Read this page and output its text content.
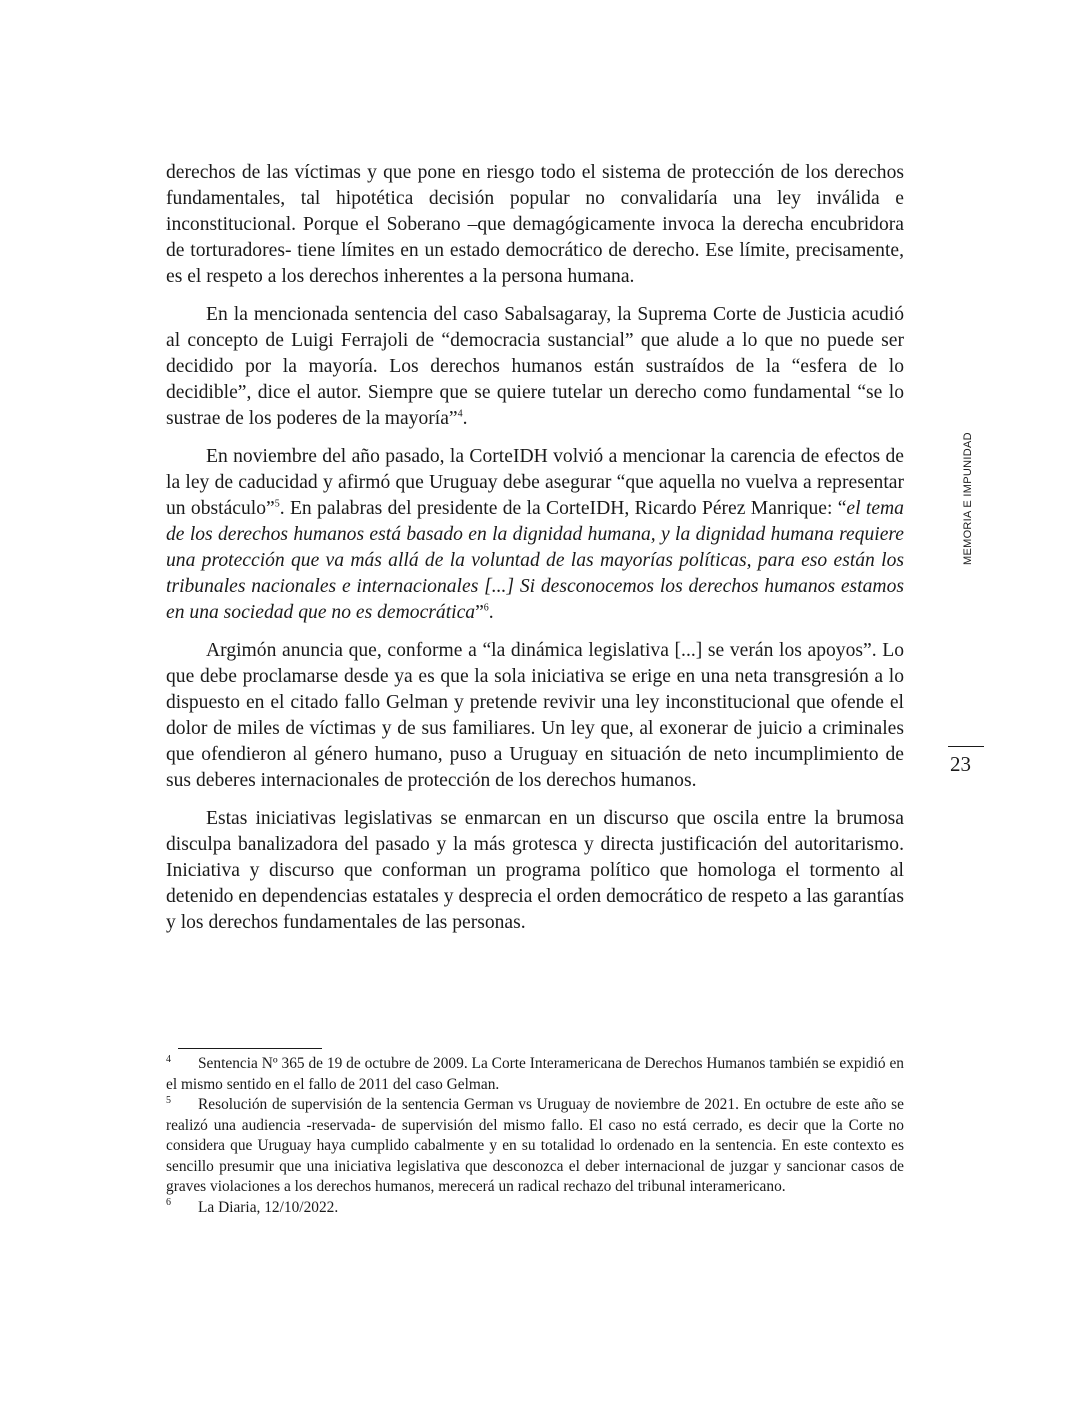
derechos de las víctimas y que pone en riesgo todo el sistema de protección de los derechos fundamentales, tal hipotética decisión popular no convalidaría una ley inválida e inconstitucional. Porque el Soberano –que demagógicamente invoca la derecha encubridora de torturadores- tiene límites en un estado democrático de derecho. Ese límite, precisamente, es el respeto a los derechos inherentes a la persona humana.

En la mencionada sentencia del caso Sabalsagaray, la Suprema Corte de Justicia acudió al concepto de Luigi Ferrajoli de “democracia sustancial” que alude a lo que no puede ser decidido por la mayoría. Los derechos humanos están sustraídos de la “esfera de lo decidible”, dice el autor. Siempre que se quiere tutelar un derecho como fundamental “se lo sustrae de los poderes de la mayoría”$^4$.

En noviembre del año pasado, la CorteIDH volvió a mencionar la carencia de efectos de la ley de caducidad y afirmó que Uruguay debe asegurar “que aquella no vuelva a representar un obstáculo”$^5$. En palabras del presidente de la CorteIDH, Ricardo Pérez Manrique: “el tema de los derechos humanos está basado en la dignidad humana, y la dignidad humana requiere una protección que va más allá de la voluntad de las mayorías políticas, para eso están los tribunales nacionales e internacionales [...] Si desconocemos los derechos humanos estamos en una sociedad que no es democrática”$^6$.

Argimón anuncia que, conforme a “la dinámica legislativa [...] se verán los apoyos”. Lo que debe proclamarse desde ya es que la sola iniciativa se erige en una neta transgresión a lo dispuesto en el citado fallo Gelman y pretende revivir una ley inconstitucional que ofende el dolor de miles de víctimas y de sus familiares. Un ley que, al exonerar de juicio a criminales que ofendieron al género humano, puso a Uruguay en situación de neto incumplimiento de sus deberes internacionales de protección de los derechos humanos.

Estas iniciativas legislativas se enmarcan en un discurso que oscila entre la brumosa disculpa banalizadora del pasado y la más grotesca y directa justificación del autoritarismo. Iniciativa y discurso que conforman un programa político que homologa el tormento al detenido en dependencias estatales y desprecia el orden democrático de respeto a las garantías y los derechos fundamentales de las personas.

MEMORIA E IMPUNIDAD
23

4 Sentencia Nº 365 de 19 de octubre de 2009. La Corte Interamericana de Derechos Humanos también se expidió en el mismo sentido en el fallo de 2011 del caso Gelman.

5 Resolución de supervisión de la sentencia German vs Uruguay de noviembre de 2021. En octubre de este año se realizó una audiencia -reservada- de supervisión del mismo fallo. El caso no está cerrado, es decir que la Corte no considera que Uruguay haya cumplido cabalmente y en su totalidad lo ordenado en la sentencia. En este contexto es sencillo presumir que una iniciativa legislativa que desconozca el deber internacional de juzgar y sancionar casos de graves violaciones a los derechos humanos, merecerá un radical rechazo del tribunal interamericano.

6 La Diaria, 12/10/2022.
